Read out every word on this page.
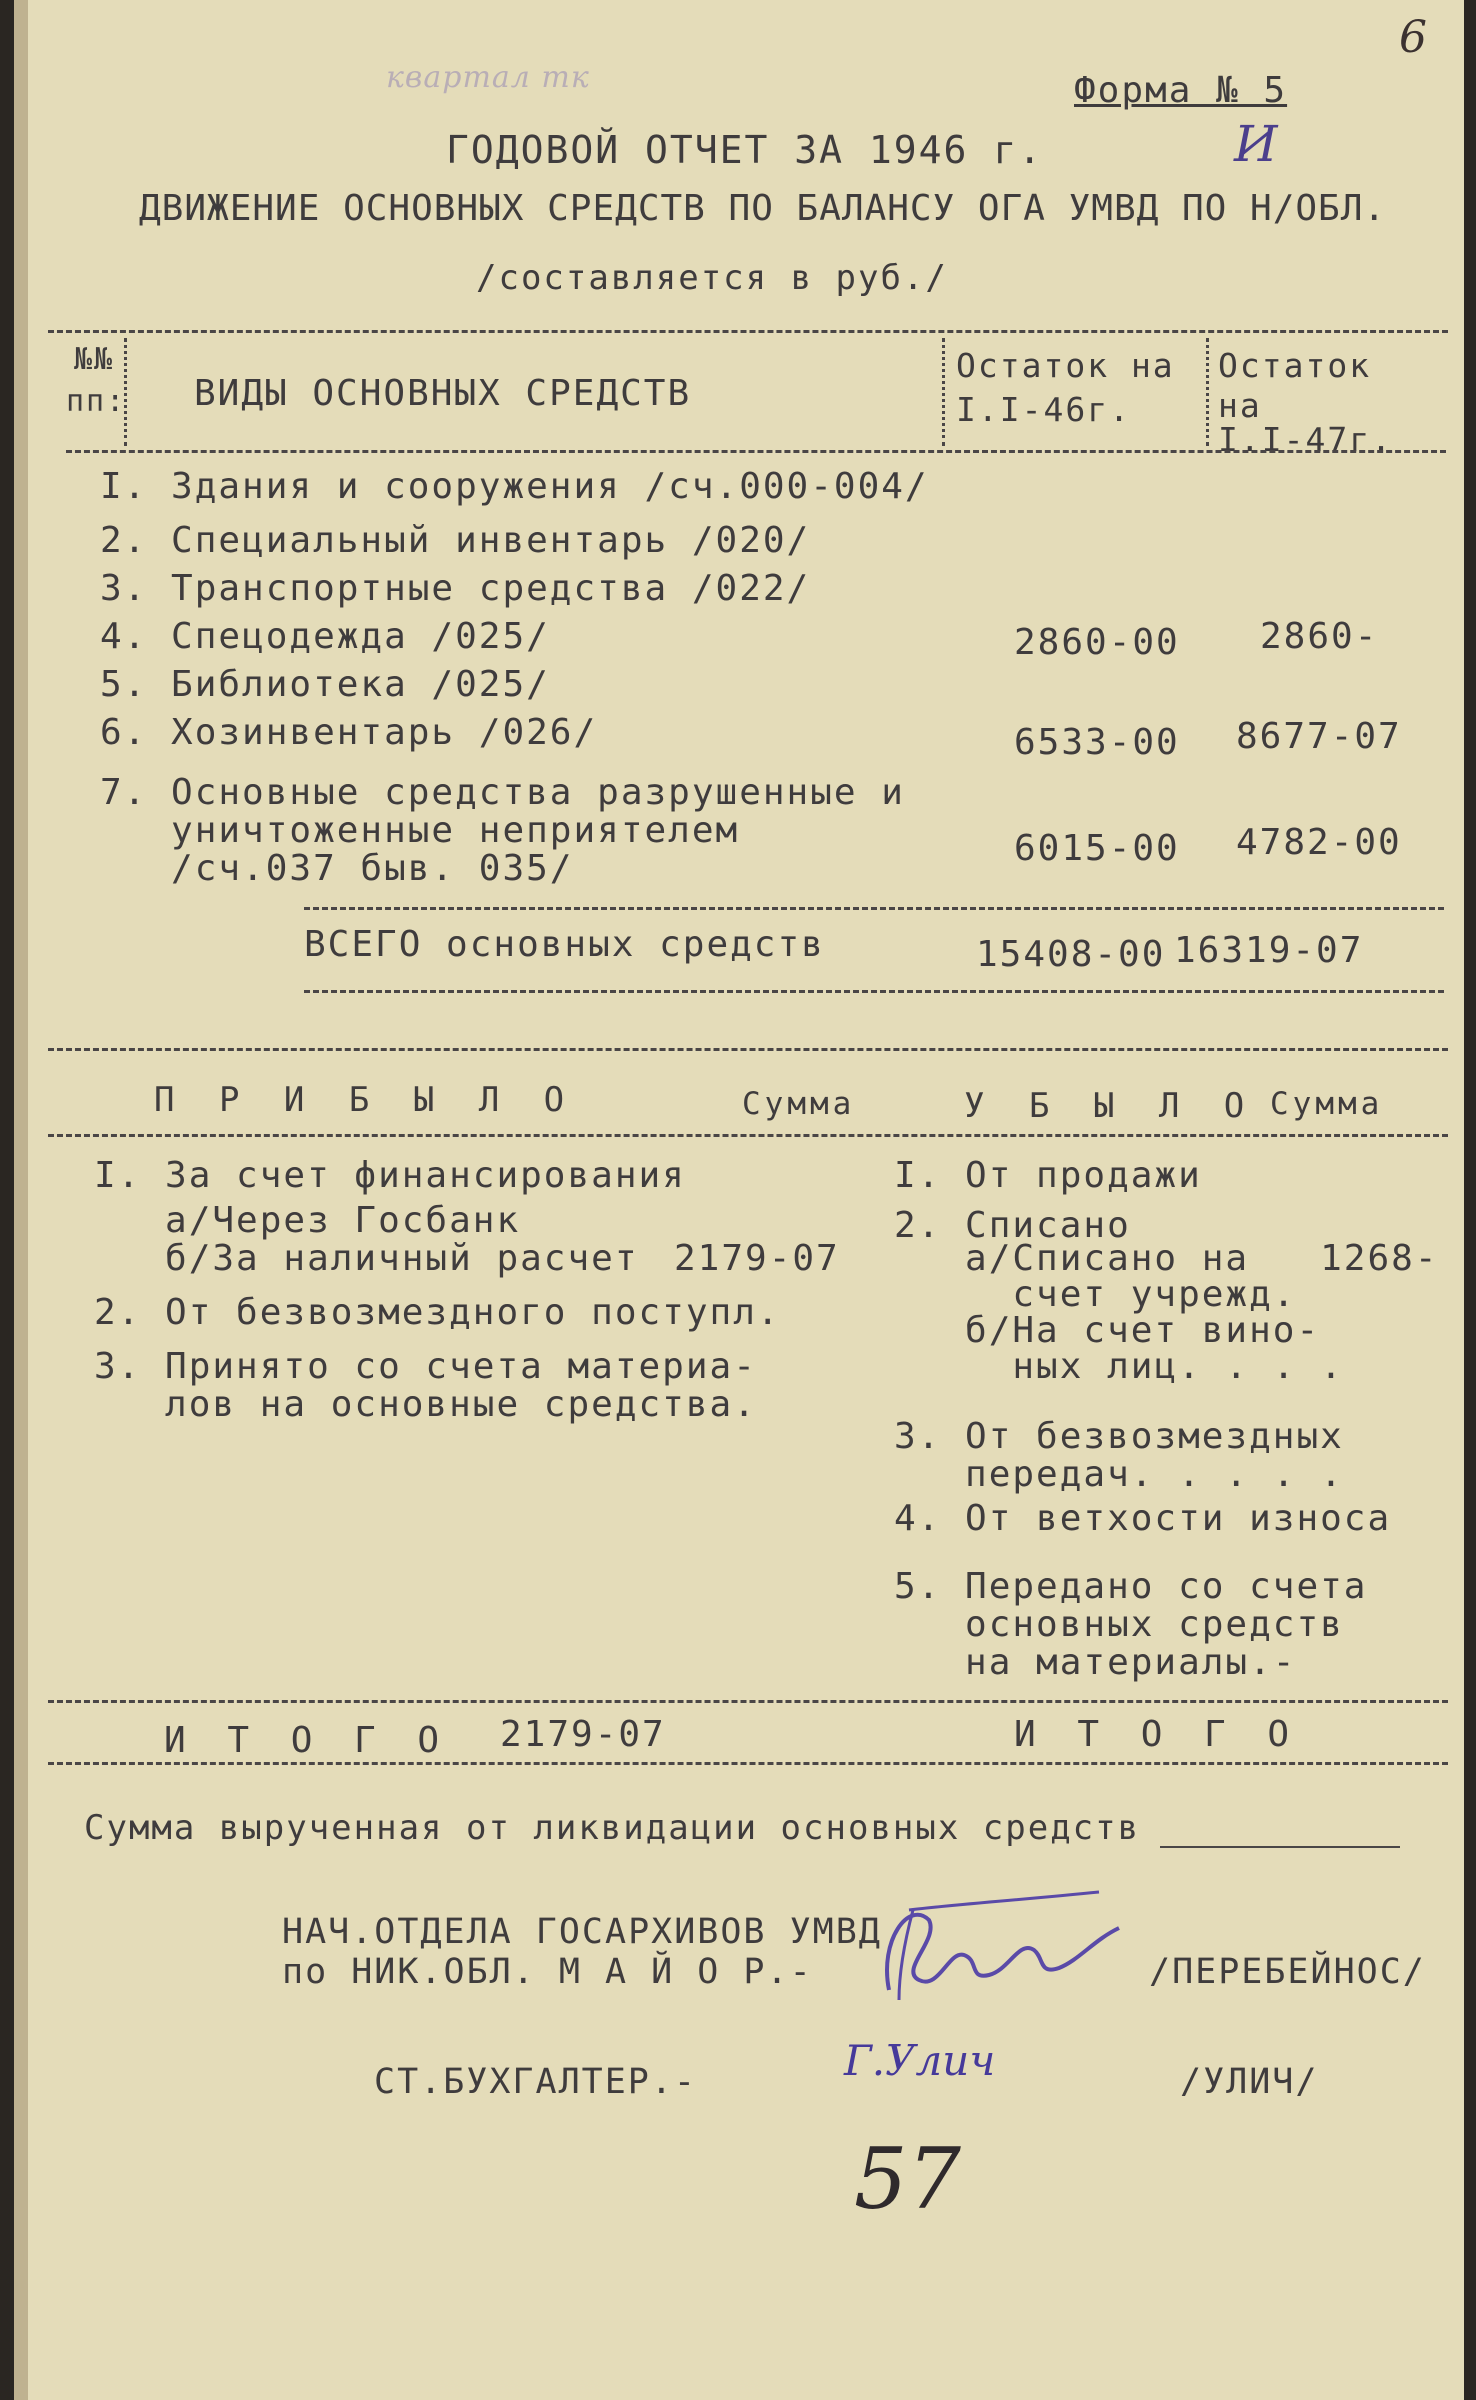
6
квартал тк	Форма № 5
И
ГОДОВОЙ ОТЧЕТ ЗА 1946 г.
ДВИЖЕНИЕ ОСНОВНЫХ СРЕДСТВ ПО БАЛАНСУ ОГА УМВД ПО Н/ОБЛ.
/составляется в руб./
№№
пп: ВИДЫ ОСНОВНЫХ СРЕДСТВ
Остаток на
I.I-46г.
Остаток
на
I.I-47г.
I. Здания и сооружения /сч.000-004/
2. Специальный инвентарь /020/
3. Транспортные средства /022/
4. Спецодежда /025/	2860-00 2860-
5. Библиотека /025/
6. Хозинвентарь /026/	6533-00 8677-07
7. Основные средства разрушенные и
уничтоженные неприятелем
/сч.037 быв. 035/	6015-00 4782-00
ВСЕГО основных средств	15408-00 16319-07
П Р И Б Ы Л О	Сумма	У Б Ы Л О Сумма
I. За счет финансирования
а/Через Госбанк
б/За наличный расчет 2179-07
2. От безвозмездного поступл.
3. Принято со счета материа-
лов на основные средства.
I. От продажи
2. Списано
а/Списано на   1268-
счет учрежд.
б/На счет вино-
ных лиц. . . .
3. От безвозмездных
передач. . . . .
4. От ветхости износа
5. Передано со счета
основных средств
на материалы.-
И Т О Г О 2179-07	И Т О Г О
Сумма вырученная от ликвидации основных средств
НАЧ.ОТДЕЛА ГОСАРХИВОВ УМВД
по НИК.ОБЛ. М А Й О Р.-	/ПЕРЕБЕЙНОС/
СТ.БУХГАЛТЕР.-	Г.Улич	/УЛИЧ/
57
